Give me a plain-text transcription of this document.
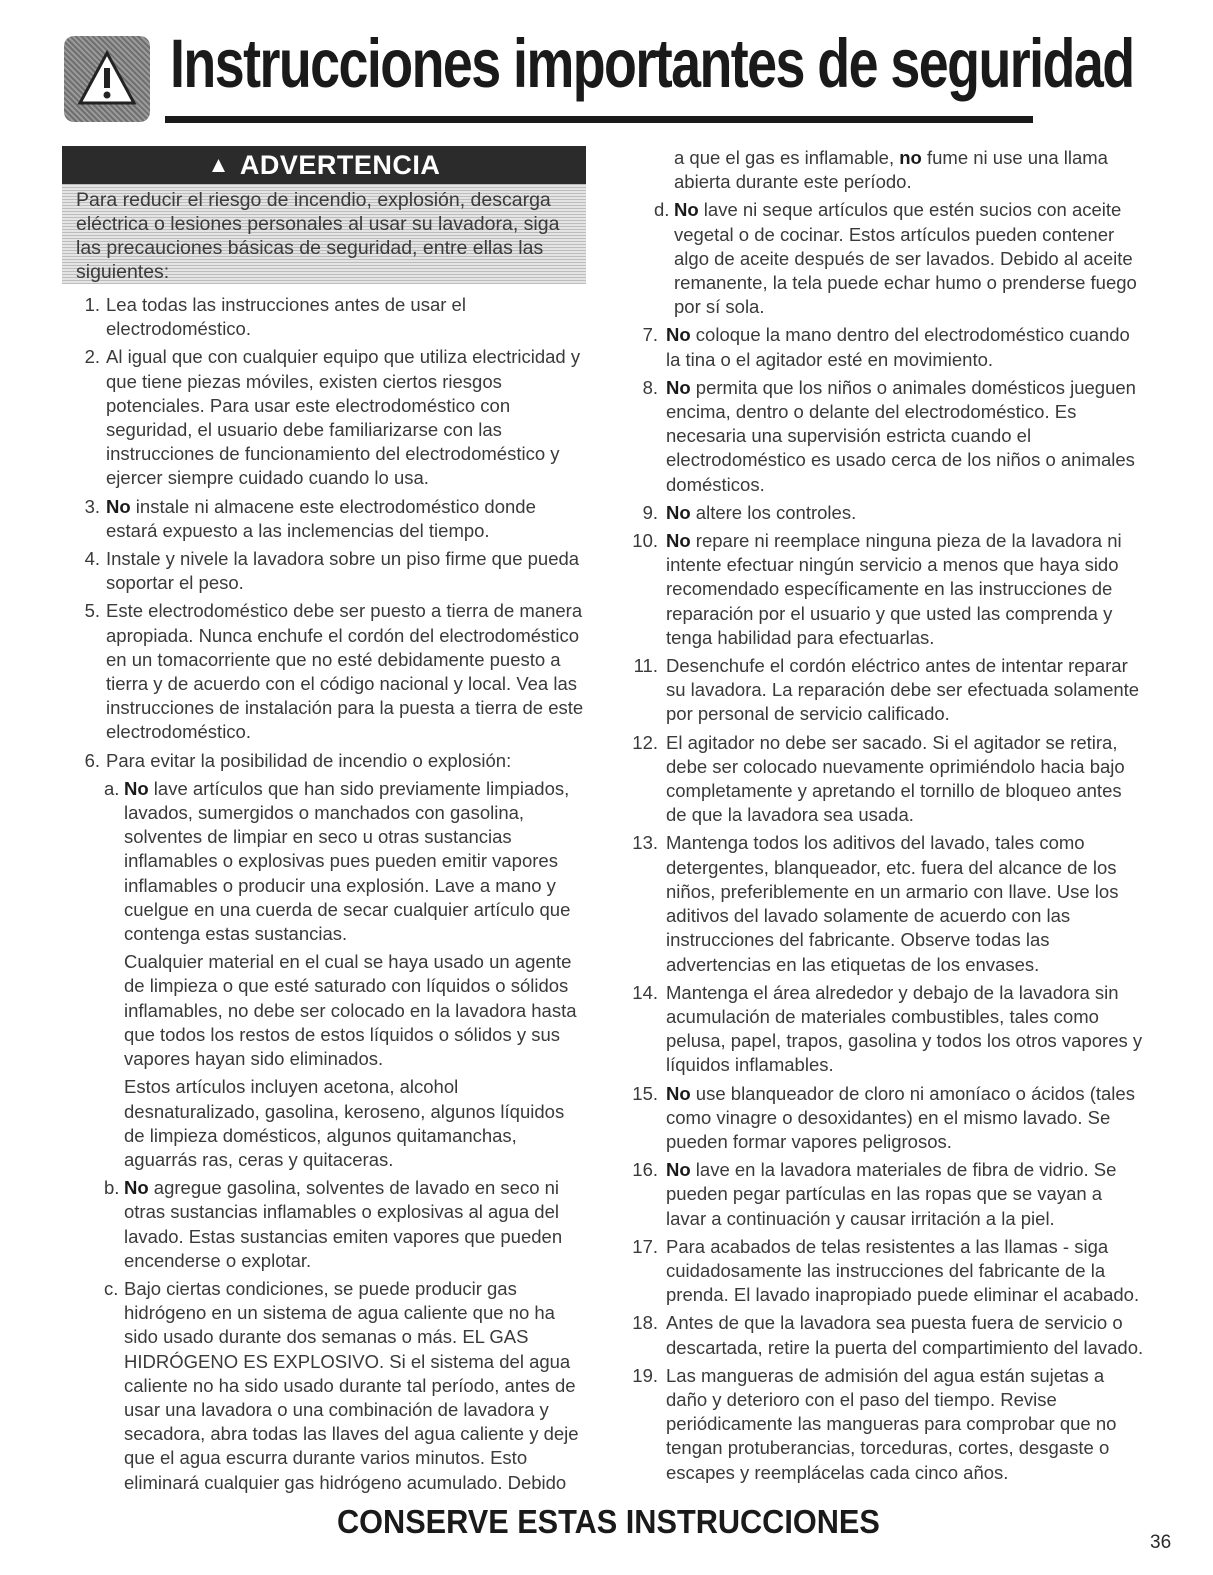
Instrucciones importantes de seguridad
▲ ADVERTENCIA
Para reducir el riesgo de incendio, explosión, descarga eléctrica o lesiones personales al usar su lavadora, siga las precauciones básicas de seguridad, entre ellas las siguientes:
1. Lea todas las instrucciones antes de usar el electrodoméstico.
2. Al igual que con cualquier equipo que utiliza electricidad y que tiene piezas móviles, existen ciertos riesgos potenciales. Para usar este electrodoméstico con seguridad, el usuario debe familiarizarse con las instrucciones de funcionamiento del electrodoméstico y ejercer siempre cuidado cuando lo usa.
3. No instale ni almacene este electrodoméstico donde estará expuesto a las inclemencias del tiempo.
4. Instale y nivele la lavadora sobre un piso firme que pueda soportar el peso.
5. Este electrodoméstico debe ser puesto a tierra de manera apropiada. Nunca enchufe el cordón del electrodoméstico en un tomacorriente que no esté debidamente puesto a tierra y de acuerdo con el código nacional y local. Vea las instrucciones de instalación para la puesta a tierra de este electrodoméstico.
6. Para evitar la posibilidad de incendio o explosión:
a. No lave artículos que han sido previamente limpiados, lavados, sumergidos o manchados con gasolina, solventes de limpiar en seco u otras sustancias inflamables o explosivas pues pueden emitir vapores inflamables o producir una explosión. Lave a mano y cuelgue en una cuerda de secar cualquier artículo que contenga estas sustancias.
Cualquier material en el cual se haya usado un agente de limpieza o que esté saturado con líquidos o sólidos inflamables, no debe ser colocado en la lavadora hasta que todos los restos de estos líquidos o sólidos y sus vapores hayan sido eliminados.
Estos artículos incluyen acetona, alcohol desnaturalizado, gasolina, keroseno, algunos líquidos de limpieza domésticos, algunos quitamanchas, aguarrás ras, ceras y quitaceras.
b. No agregue gasolina, solventes de lavado en seco ni otras sustancias inflamables o explosivas al agua del lavado. Estas sustancias emiten vapores que pueden encenderse o explotar.
c. Bajo ciertas condiciones, se puede producir gas hidrógeno en un sistema de agua caliente que no ha sido usado durante dos semanas o más. EL GAS HIDRÓGENO ES EXPLOSIVO. Si el sistema del agua caliente no ha sido usado durante tal período, antes de usar una lavadora o una combinación de lavadora y secadora, abra todas las llaves del agua caliente y deje que el agua escurra durante varios minutos. Esto eliminará cualquier gas hidrógeno acumulado. Debido
a que el gas es inflamable, no fume ni use una llama abierta durante este período.
d. No lave ni seque artículos que estén sucios con aceite vegetal o de cocinar. Estos artículos pueden contener algo de aceite después de ser lavados. Debido al aceite remanente, la tela puede echar humo o prenderse fuego por sí sola.
7. No coloque la mano dentro del electrodoméstico cuando la tina o el agitador esté en movimiento.
8. No permita que los niños o animales domésticos jueguen encima, dentro o delante del electrodoméstico. Es necesaria una supervisión estricta cuando el electrodoméstico es usado cerca de los niños o animales domésticos.
9. No altere los controles.
10. No repare ni reemplace ninguna pieza de la lavadora ni intente efectuar ningún servicio a menos que haya sido recomendado específicamente en las instrucciones de reparación por el usuario y que usted las comprenda y tenga habilidad para efectuarlas.
11. Desenchufe el cordón eléctrico antes de intentar reparar su lavadora. La reparación debe ser efectuada solamente por personal de servicio calificado.
12. El agitador no debe ser sacado. Si el agitador se retira, debe ser colocado nuevamente oprimiéndolo hacia bajo completamente y apretando el tornillo de bloqueo antes de que la lavadora sea usada.
13. Mantenga todos los aditivos del lavado, tales como detergentes, blanqueador, etc. fuera del alcance de los niños, preferiblemente en un armario con llave. Use los aditivos del lavado solamente de acuerdo con las instrucciones del fabricante. Observe todas las advertencias en las etiquetas de los envases.
14. Mantenga el área alrededor y debajo de la lavadora sin acumulación de materiales combustibles, tales como pelusa, papel, trapos, gasolina y todos los otros vapores y líquidos inflamables.
15. No use blanqueador de cloro ni amoníaco o ácidos (tales como vinagre o desoxidantes) en el mismo lavado. Se pueden formar vapores peligrosos.
16. No lave en la lavadora materiales de fibra de vidrio. Se pueden pegar partículas en las ropas que se vayan a lavar a continuación y causar irritación a la piel.
17. Para acabados de telas resistentes a las llamas - siga cuidadosamente las instrucciones del fabricante de la prenda. El lavado inapropiado puede eliminar el acabado.
18. Antes de que la lavadora sea puesta fuera de servicio o descartada, retire la puerta del compartimiento del lavado.
19. Las mangueras de admisión del agua están sujetas a daño y deterioro con el paso del tiempo. Revise periódicamente las mangueras para comprobar que no tengan protuberancias, torceduras, cortes, desgaste o escapes y reemplácelas cada cinco años.
CONSERVE ESTAS INSTRUCCIONES
36
